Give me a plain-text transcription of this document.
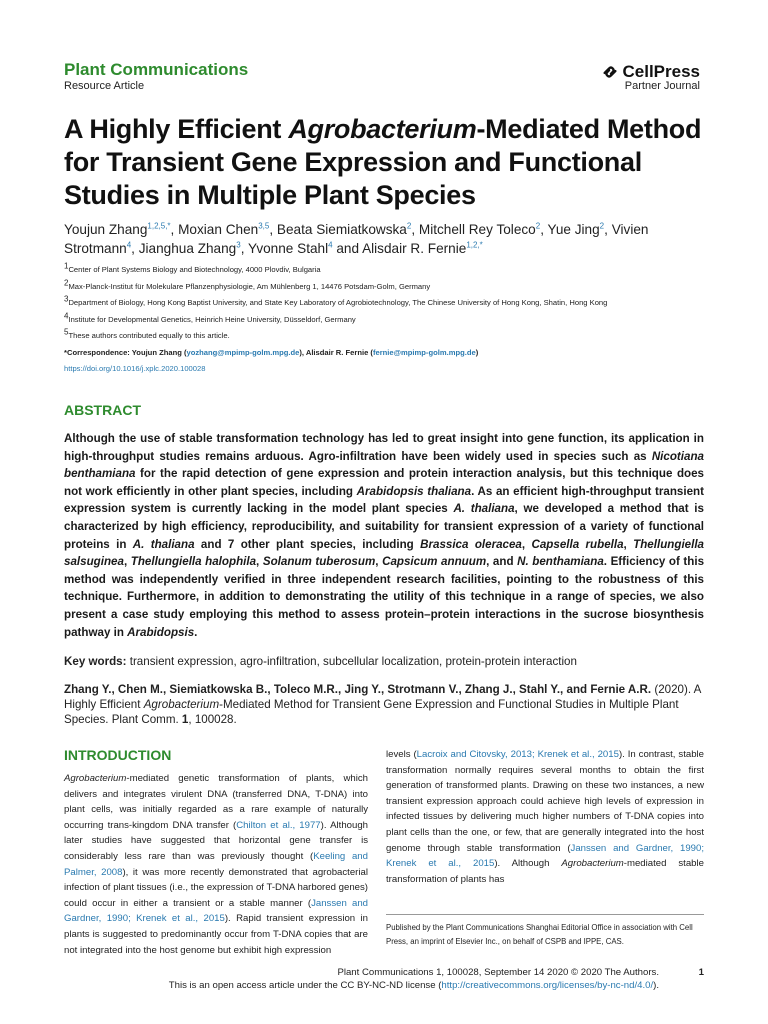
Plant Communications
Resource Article
CellPress
Partner Journal
A Highly Efficient Agrobacterium-Mediated Method for Transient Gene Expression and Functional Studies in Multiple Plant Species
Youjun Zhang$^{1,2,5,*}$, Moxian Chen$^{3,5}$, Beata Siemiatkowska$^2$, Mitchell Rey Toleco$^2$, Yue Jing$^2$, Vivien Strotmann$^4$, Jianghua Zhang$^3$, Yvonne Stahl$^4$ and Alisdair R. Fernie$^{1,2,*}$
$^1$Center of Plant Systems Biology and Biotechnology, 4000 Plovdiv, Bulgaria
$^2$Max-Planck-Institut für Molekulare Pflanzenphysiologie, Am Mühlenberg 1, 14476 Potsdam-Golm, Germany
$^3$Department of Biology, Hong Kong Baptist University, and State Key Laboratory of Agrobiotechnology, The Chinese University of Hong Kong, Shatin, Hong Kong
$^4$Institute for Developmental Genetics, Heinrich Heine University, Düsseldorf, Germany
$^5$These authors contributed equally to this article.
*Correspondence: Youjun Zhang (yozhang@mpimp-golm.mpg.de), Alisdair R. Fernie (fernie@mpimp-golm.mpg.de)
https://doi.org/10.1016/j.xplc.2020.100028
ABSTRACT

Although the use of stable transformation technology has led to great insight into gene function, its application in high-throughput studies remains arduous. Agro-infiltration have been widely used in species such as Nicotiana benthamiana for the rapid detection of gene expression and protein interaction analysis, but this technique does not work efficiently in other plant species, including Arabidopsis thaliana. As an efficient high-throughput transient expression system is currently lacking in the model plant species A. thaliana, we developed a method that is characterized by high efficiency, reproducibility, and suitability for transient expression of a variety of functional proteins in A. thaliana and 7 other plant species, including Brassica oleracea, Capsella rubella, Thellungiella salsuginea, Thellungiella halophila, Solanum tuberosum, Capsicum annuum, and N. benthamiana. Efficiency of this method was independently verified in three independent research facilities, pointing to the robustness of this technique. Furthermore, in addition to demonstrating the utility of this technique in a range of species, we also present a case study employing this method to assess protein–protein interactions in the sucrose biosynthesis pathway in Arabidopsis.

Key words: transient expression, agro-infiltration, subcellular localization, protein-protein interaction
Zhang Y., Chen M., Siemiatkowska B., Toleco M.R., Jing Y., Strotmann V., Zhang J., Stahl Y., and Fernie A.R. (2020). A Highly Efficient Agrobacterium-Mediated Method for Transient Gene Expression and Functional Studies in Multiple Plant Species. Plant Comm. 1, 100028.
INTRODUCTION

Agrobacterium-mediated genetic transformation of plants, which delivers and integrates virulent DNA (transferred DNA, T-DNA) into plant cells, was initially regarded as a rare example of naturally occurring trans-kingdom DNA transfer (Chilton et al., 1977). Although later studies have suggested that horizontal gene transfer is considerably less rare than was previously thought (Keeling and Palmer, 2008), it was more recently demonstrated that agrobacterial infection of plant tissues (i.e., the expression of T-DNA harbored genes) could occur in either a transient or a stable manner (Janssen and Gardner, 1990; Krenek et al., 2015). Rapid transient expression in plants is suggested to predominantly occur from T-DNA copies that are not integrated into the host genome but exhibit high expression

levels (Lacroix and Citovsky, 2013; Krenek et al., 2015). In contrast, stable transformation normally requires several months to obtain the first generation of transformed plants. Drawing on these two instances, a new transient expression approach could achieve high levels of expression in infected tissues by delivering much higher numbers of T-DNA copies into plant cells than the one, or few, that are generally integrated into the host genome through stable transformation (Janssen and Gardner, 1990; Krenek et al., 2015). Although Agrobacterium-mediated stable transformation of plants has

Published by the Plant Communications Shanghai Editorial Office in association with Cell Press, an imprint of Elsevier Inc., on behalf of CSPB and IPPE, CAS.
Plant Communications 1, 100028, September 14 2020 © 2020 The Authors.	1
This is an open access article under the CC BY-NC-ND license (http://creativecommons.org/licenses/by-nc-nd/4.0/).
